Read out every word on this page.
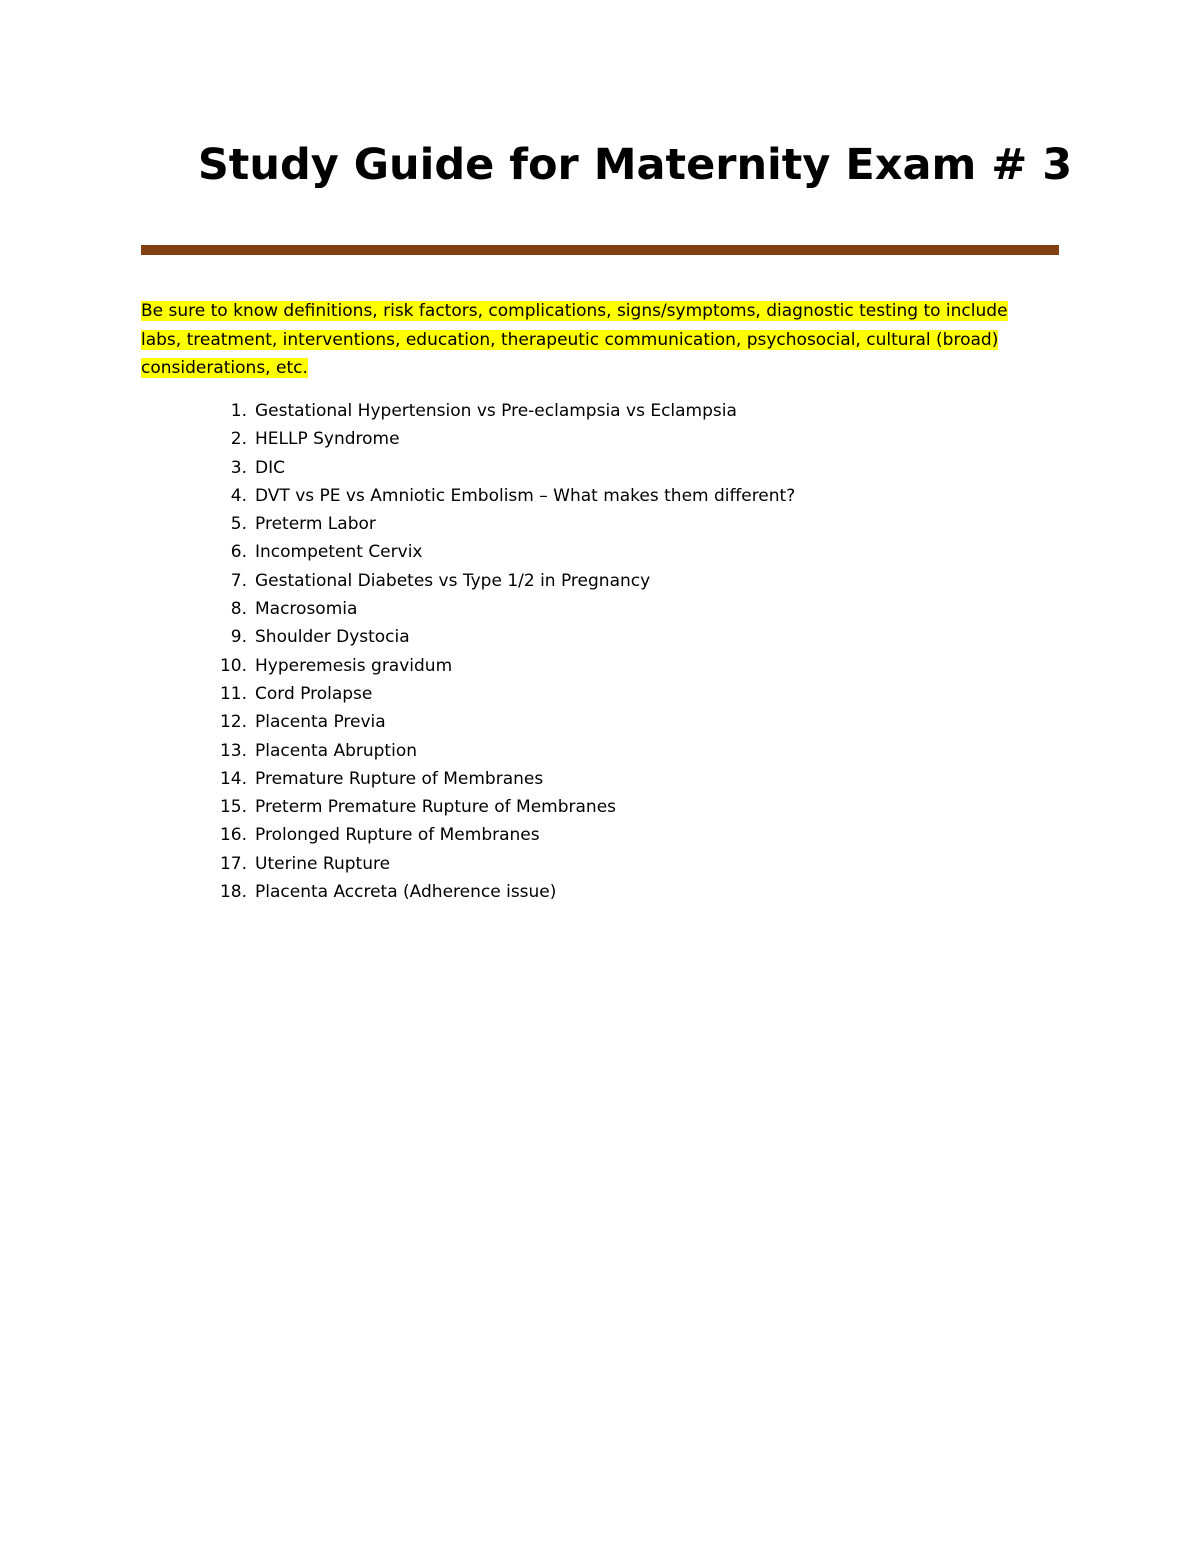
Study Guide for Maternity Exam # 3

Be sure to know definitions, risk factors, complications, signs/symptoms, diagnostic testing to include labs, treatment, interventions, education, therapeutic communication, psychosocial, cultural (broad) considerations, etc.

1. Gestational Hypertension vs Pre-eclampsia vs Eclampsia
2. HELLP Syndrome
3. DIC
4. DVT vs PE vs Amniotic Embolism – What makes them different?
5. Preterm Labor
6. Incompetent Cervix
7. Gestational Diabetes vs Type 1/2 in Pregnancy
8. Macrosomia
9. Shoulder Dystocia
10. Hyperemesis gravidum
11. Cord Prolapse
12. Placenta Previa
13. Placenta Abruption
14. Premature Rupture of Membranes
15. Preterm Premature Rupture of Membranes
16. Prolonged Rupture of Membranes
17. Uterine Rupture
18. Placenta Accreta (Adherence issue)
